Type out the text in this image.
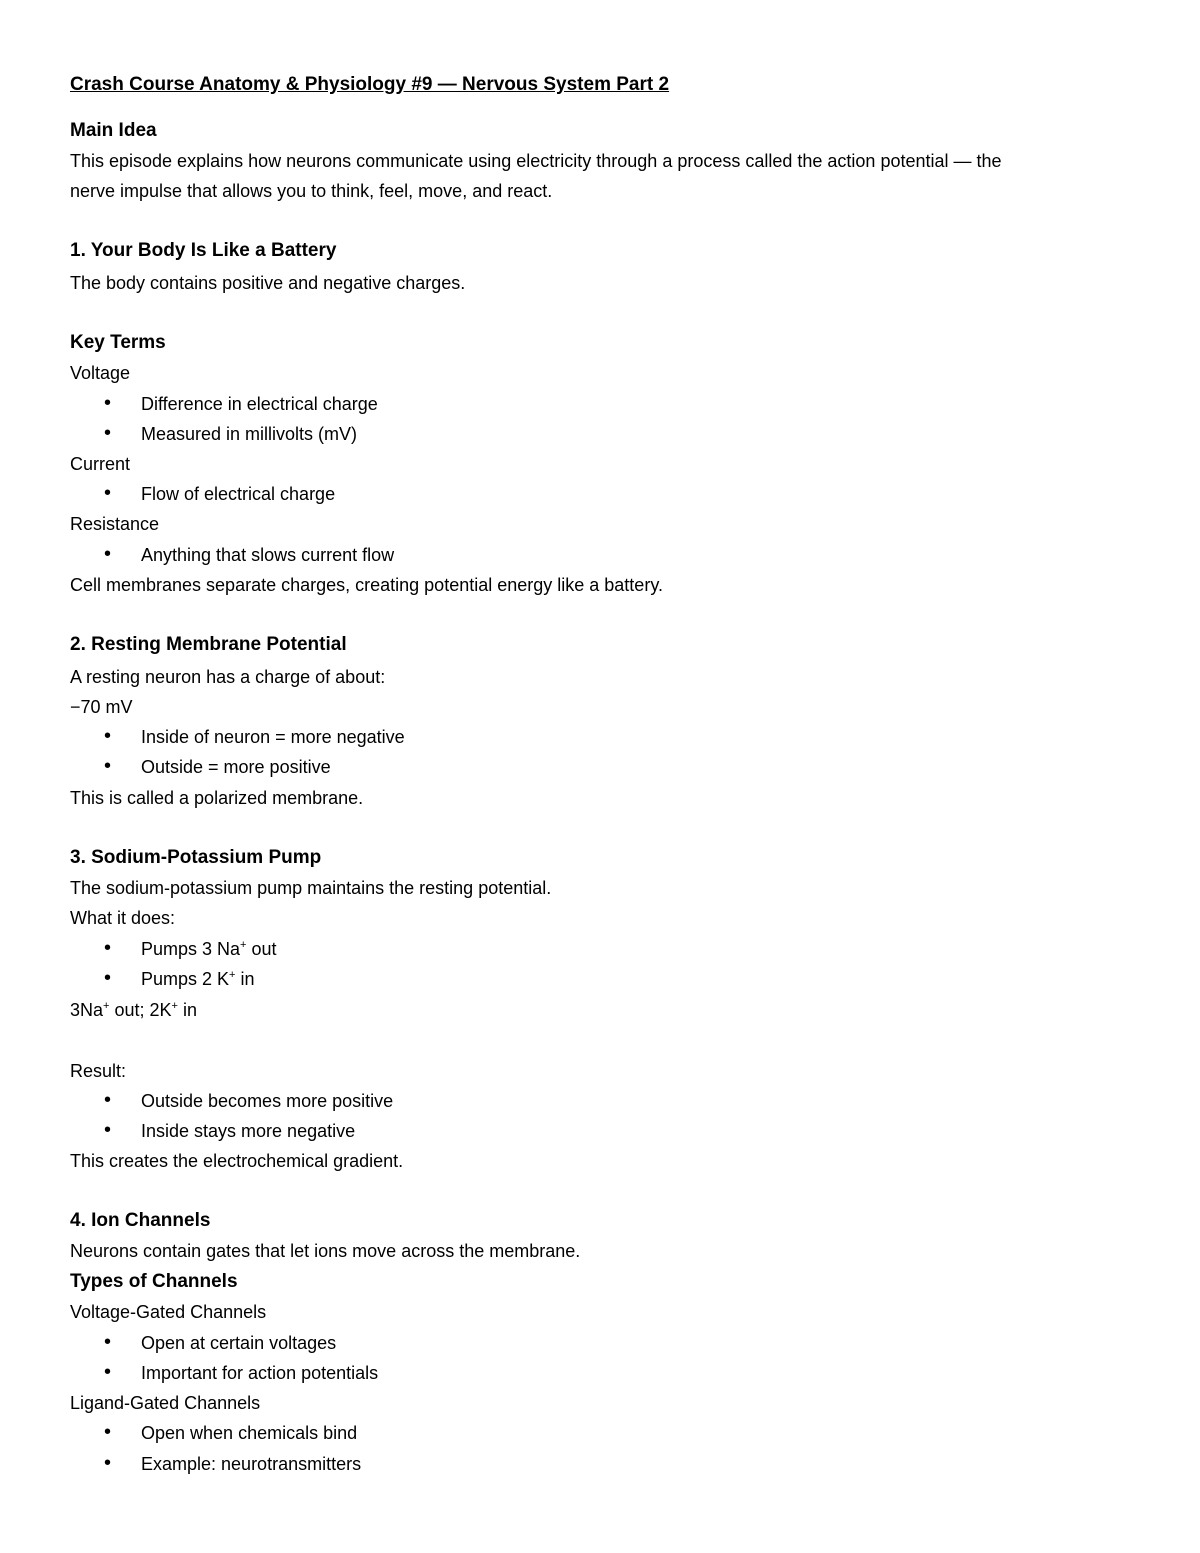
Crash Course Anatomy & Physiology #9 — Nervous System Part 2
Main Idea
This episode explains how neurons communicate using electricity through a process called the action potential — the
nerve impulse that allows you to think, feel, move, and react.
1. Your Body Is Like a Battery
The body contains positive and negative charges.
Key Terms
Voltage
• Difference in electrical charge
• Measured in millivolts (mV)
Current
• Flow of electrical charge
Resistance
• Anything that slows current flow
Cell membranes separate charges, creating potential energy like a battery.
2. Resting Membrane Potential
A resting neuron has a charge of about:
−70 mV
• Inside of neuron = more negative
• Outside = more positive
This is called a polarized membrane.
3. Sodium-Potassium Pump
The sodium-potassium pump maintains the resting potential.
What it does:
• Pumps 3 Na+ out
• Pumps 2 K+ in
3Na+ out; 2K+ in
Result:
• Outside becomes more positive
• Inside stays more negative
This creates the electrochemical gradient.
4. Ion Channels
Neurons contain gates that let ions move across the membrane.
Types of Channels
Voltage-Gated Channels
• Open at certain voltages
• Important for action potentials
Ligand-Gated Channels
• Open when chemicals bind
• Example: neurotransmitters
